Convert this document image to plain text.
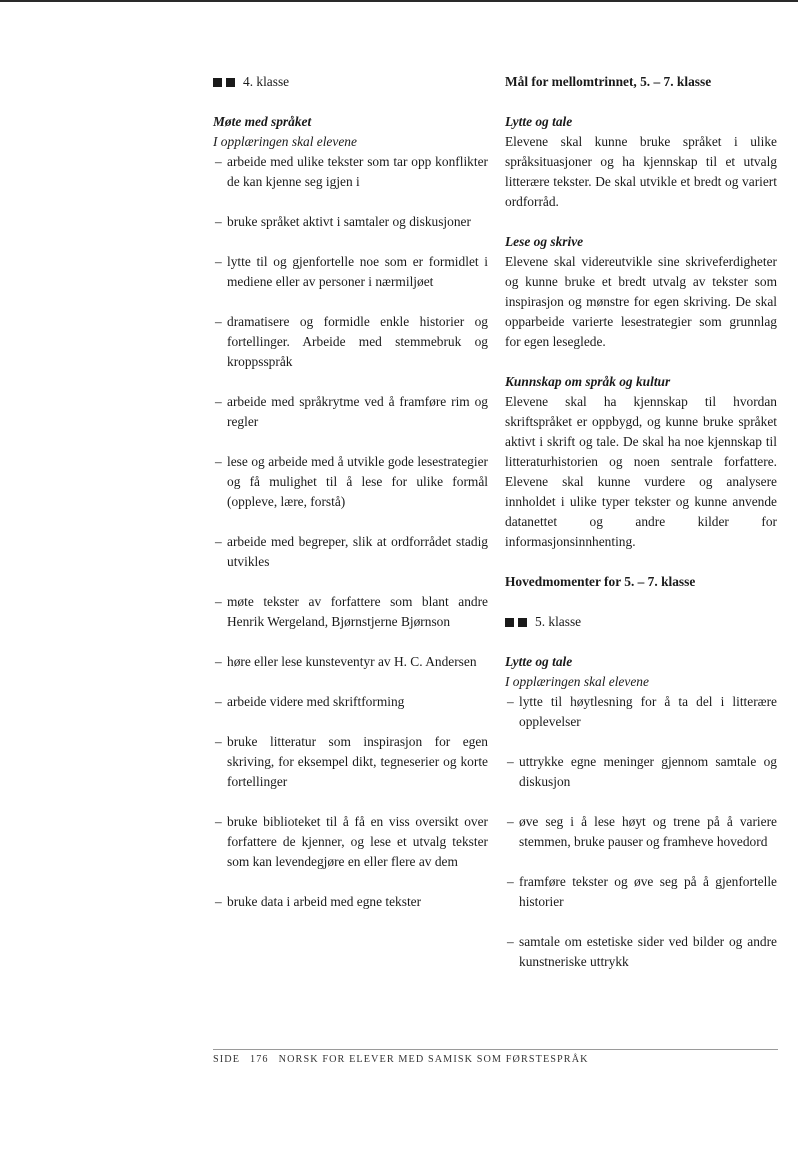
4. klasse

Møte med språket

I opplæringen skal elevene

– arbeide med ulike tekster som tar opp konflikter de kan kjenne seg igjen i
– bruke språket aktivt i samtaler og diskusjoner
– lytte til og gjenfortelle noe som er formidlet i mediene eller av personer i nærmiljøet
– dramatisere og formidle enkle historier og fortellinger. Arbeide med stemmebruk og kroppsspråk
– arbeide med språkrytme ved å framføre rim og regler
– lese og arbeide med å utvikle gode lesestrategier og få mulighet til å lese for ulike formål (oppleve, lære, forstå)
– arbeide med begreper, slik at ordforrådet stadig utvikles
– møte tekster av forfattere som blant andre Henrik Wergeland, Bjørnstjerne Bjørnson
– høre eller lese kunsteventyr av H. C. Andersen
– arbeide videre med skriftforming
– bruke litteratur som inspirasjon for egen skriving, for eksempel dikt, tegneserier og korte fortellinger
– bruke biblioteket til å få en viss oversikt over forfattere de kjenner, og lese et utvalg tekster som kan levendegjøre en eller flere av dem
– bruke data i arbeid med egne tekster

Mål for mellomtrinnet, 5. – 7. klasse

Lytte og tale

Elevene skal kunne bruke språket i ulike språksituasjoner og ha kjennskap til et utvalg litterære tekster. De skal utvikle et bredt og variert ordforråd.

Lese og skrive

Elevene skal videreutvikle sine skriveferdigheter og kunne bruke et bredt utvalg av tekster som inspirasjon og mønstre for egen skriving. De skal opparbeide varierte lesestrategier som grunnlag for egen leseglede.

Kunnskap om språk og kultur

Elevene skal ha kjennskap til hvordan skriftspråket er oppbygd, og kunne bruke språket aktivt i skrift og tale. De skal ha noe kjennskap til litteraturhistorien og noen sentrale forfattere. Elevene skal kunne vurdere og analysere innholdet i ulike typer tekster og kunne anvende datanettet og andre kilder for informasjonsinnhenting.

Hovedmomenter for 5. – 7. klasse

5. klasse

Lytte og tale

I opplæringen skal elevene

– lytte til høytlesning for å ta del i litterære opplevelser
– uttrykke egne meninger gjennom samtale og diskusjon
– øve seg i å lese høyt og trene på å variere stemmen, bruke pauser og framheve hovedord
– framføre tekster og øve seg på å gjenfortelle historier
– samtale om estetiske sider ved bilder og andre kunstneriske uttrykk
SIDE 176 NORSK FOR ELEVER MED SAMISK SOM FØRSTESPRÅK
